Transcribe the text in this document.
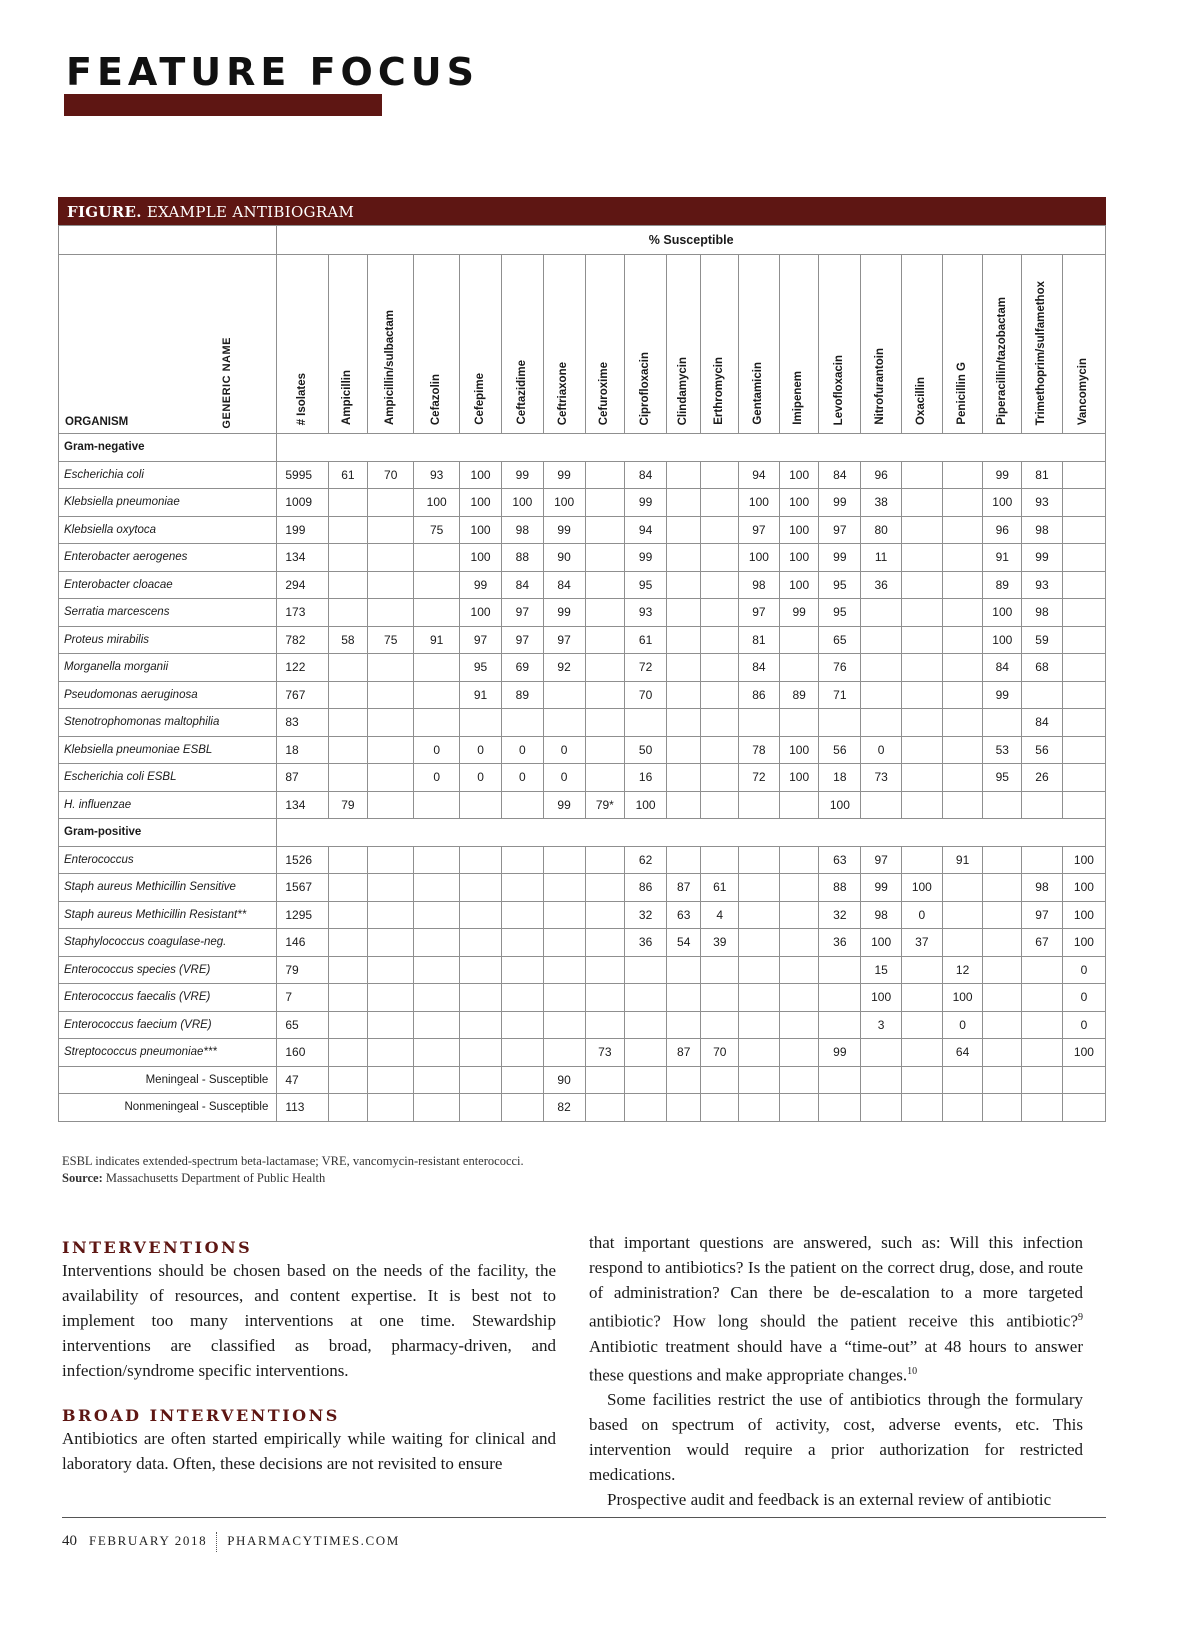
FEATURE FOCUS
FIGURE. EXAMPLE ANTIBIOGRAM
	% Susceptible																			

ORGANISM GENERIC NAME	# Isolates	Ampicillin	Ampicillin/sulbactam	Cefazolin	Cefepime	Ceftazidime	Ceftriaxone	Cefuroxime	Ciprofloxacin	Clindamycin	Erthromycin	Gentamicin	Imipenem	Levofloxacin	Nitrofurantoin	Oxacillin	Penicillin G	Piperacillin/tazobactam	Trimethoprim/sulfamethox	Vancomycin
Gram-negative																				
Escherichia coli	5995	61	70	93	100	99	99		84			94	100	84	96			99	81	
Klebsiella pneumoniae	1009			100	100	100	100		99			100	100	99	38			100	93	
Klebsiella oxytoca	199			75	100	98	99		94			97	100	97	80			96	98	
Enterobacter aerogenes	134				100	88	90		99			100	100	99	11			91	99	
Enterobacter cloacae	294				99	84	84		95			98	100	95	36			89	93	
Serratia marcescens	173				100	97	99		93			97	99	95				100	98	
Proteus mirabilis	782	58	75	91	97	97	97		61			81		65				100	59	
Morganella morganii	122				95	69	92		72			84		76				84	68	
Pseudomonas aeruginosa	767				91	89			70			86	89	71				99		
Stenotrophomonas maltophilia	83																		84	
Klebsiella pneumoniae ESBL	18			0	0	0	0		50			78	100	56	0			53	56	
Escherichia coli ESBL	87			0	0	0	0		16			72	100	18	73			95	26	
H. influenzae	134	79					99	79*	100					100						
Gram-positive																				
Enterococcus	1526								62					63	97		91			100
Staph aureus Methicillin Sensitive	1567								86	87	61			88	99	100			98	100
Staph aureus Methicillin Resistant**	1295								32	63	4			32	98	0			97	100
Staphylococcus coagulase-neg.	146								36	54	39			36	100	37			67	100
Enterococcus species (VRE)	79														15		12			0
Enterococcus faecalis (VRE)	7														100		100			0
Enterococcus faecium (VRE)	65														3		0			0
Streptococcus pneumoniae***	160							73		87	70			99			64			100
Meningeal - Susceptible	47						90													
Nonmeningeal - Susceptible	113						82													
ESBL indicates extended-spectrum beta-lactamase; VRE, vancomycin-resistant enterococci.
Source: Massachusetts Department of Public Health
INTERVENTIONS

Interventions should be chosen based on the needs of the facility, the availability of resources, and content expertise. It is best not to implement too many interventions at one time. Stewardship interventions are classified as broad, pharmacy-driven, and infection/syndrome specific interventions.

BROAD INTERVENTIONS

Antibiotics are often started empirically while waiting for clinical and laboratory data. Often, these decisions are not revisited to ensure

that important questions are answered, such as: Will this infection respond to antibiotics? Is the patient on the correct drug, dose, and route of administration? Can there be de-escalation to a more targeted antibiotic? How long should the patient receive this antibiotic?$^9$ Antibiotic treatment should have a “time-out” at 48 hours to answer these questions and make appropriate changes.$^{10}$

Some facilities restrict the use of antibiotics through the formulary based on spectrum of activity, cost, adverse events, etc. This intervention would require a prior authorization for restricted medications.

Prospective audit and feedback is an external review of antibiotic

40 FEBRUARY 2018 PHARMACYTIMES.COM
